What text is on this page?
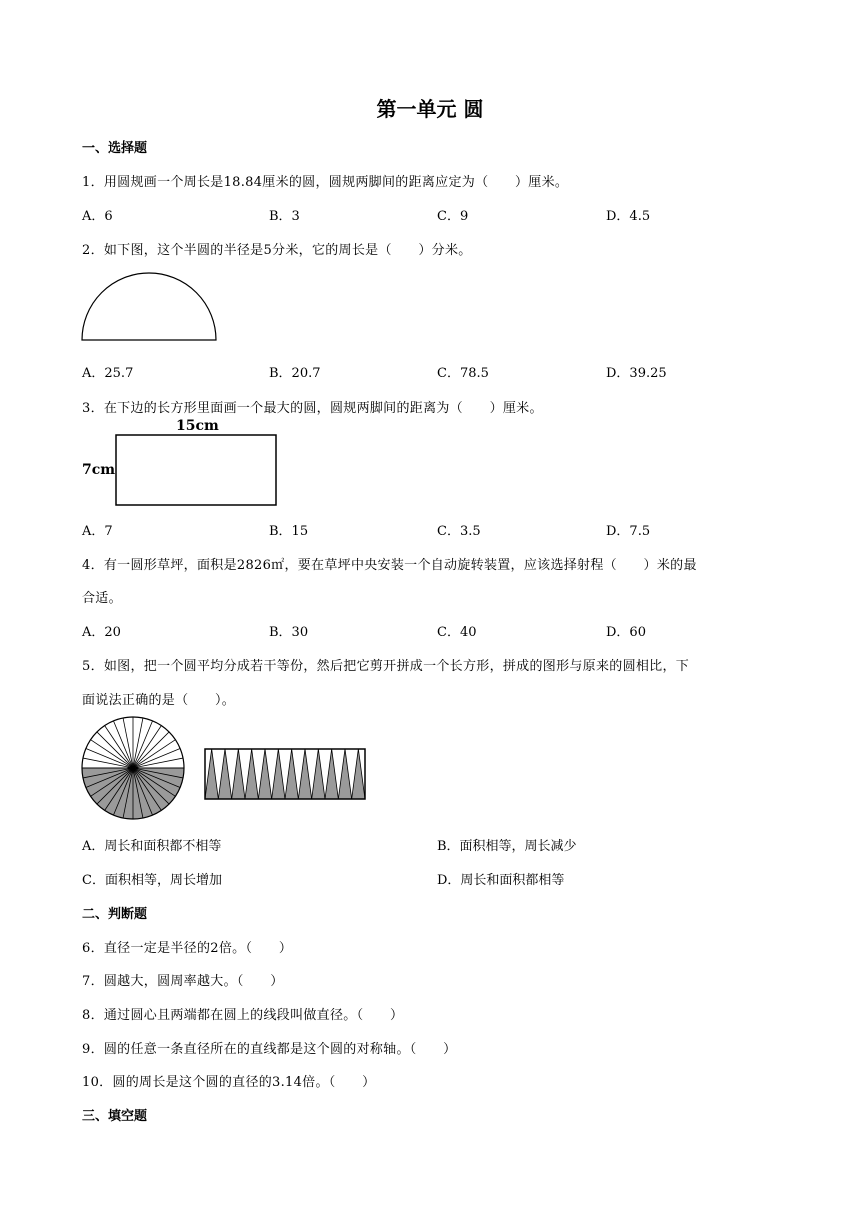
第一单元 圆
一、选择题
1．用圆规画一个周长是18.84厘米的圆，圆规两脚间的距离应定为（　　）厘米。
A．6	B．3	C．9	D．4.5
2．如下图，这个半圆的半径是5分米，它的周长是（　　）分米。
A．25.7	B．20.7	C．78.5	D．39.25
3．在下边的长方形里面画一个最大的圆，圆规两脚间的距离为（　　）厘米。
15cm
7cm
A．7	B．15	C．3.5	D．7.5
4．有一圆形草坪，面积是2826㎡，要在草坪中央安装一个自动旋转装置，应该选择射程（　　）米的最
合适。
A．20	B．30	C．40	D．60
5．如图，把一个圆平均分成若干等份，然后把它剪开拼成一个长方形，拼成的图形与原来的圆相比，下
面说法正确的是（　　）。
A．周长和面积都不相等	B．面积相等，周长减少
C．面积相等，周长增加	D．周长和面积都相等
二、判断题
6．直径一定是半径的2倍。（　　）
7．圆越大，圆周率越大。（　　）
8．通过圆心且两端都在圆上的线段叫做直径。（　　）
9．圆的任意一条直径所在的直线都是这个圆的对称轴。（　　）
10．圆的周长是这个圆的直径的3.14倍。（　　）
三、填空题
